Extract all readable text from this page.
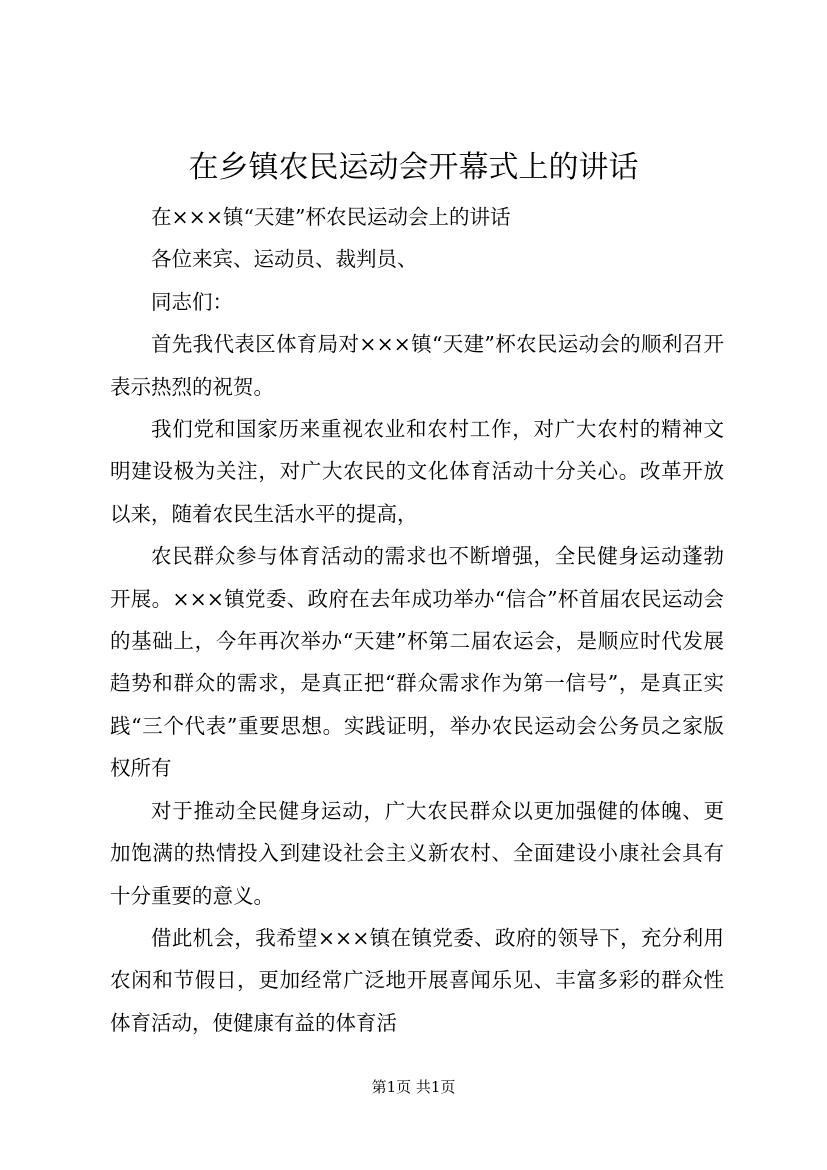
在乡镇农民运动会开幕式上的讲话

在×××镇“天建”杯农民运动会上的讲话

各位来宾、运动员、裁判员、

同志们：

首先我代表区体育局对×××镇“天建”杯农民运动会的顺利召开表示热烈的祝贺。

我们党和国家历来重视农业和农村工作，对广大农村的精神文明建设极为关注，对广大农民的文化体育活动十分关心。改革开放以来，随着农民生活水平的提高，

农民群众参与体育活动的需求也不断增强，全民健身运动蓬勃开展。×××镇党委、政府在去年成功举办“信合”杯首届农民运动会的基础上，今年再次举办“天建”杯第二届农运会，是顺应时代发展趋势和群众的需求，是真正把“群众需求作为第一信号”，是真正实践“三个代表”重要思想。实践证明，举办农民运动会公务员之家版权所有

对于推动全民健身运动，广大农民群众以更加强健的体魄、更加饱满的热情投入到建设社会主义新农村、全面建设小康社会具有十分重要的意义。

借此机会，我希望×××镇在镇党委、政府的领导下，充分利用农闲和节假日，更加经常广泛地开展喜闻乐见、丰富多彩的群众性体育活动，使健康有益的体育活

第1页 共1页
